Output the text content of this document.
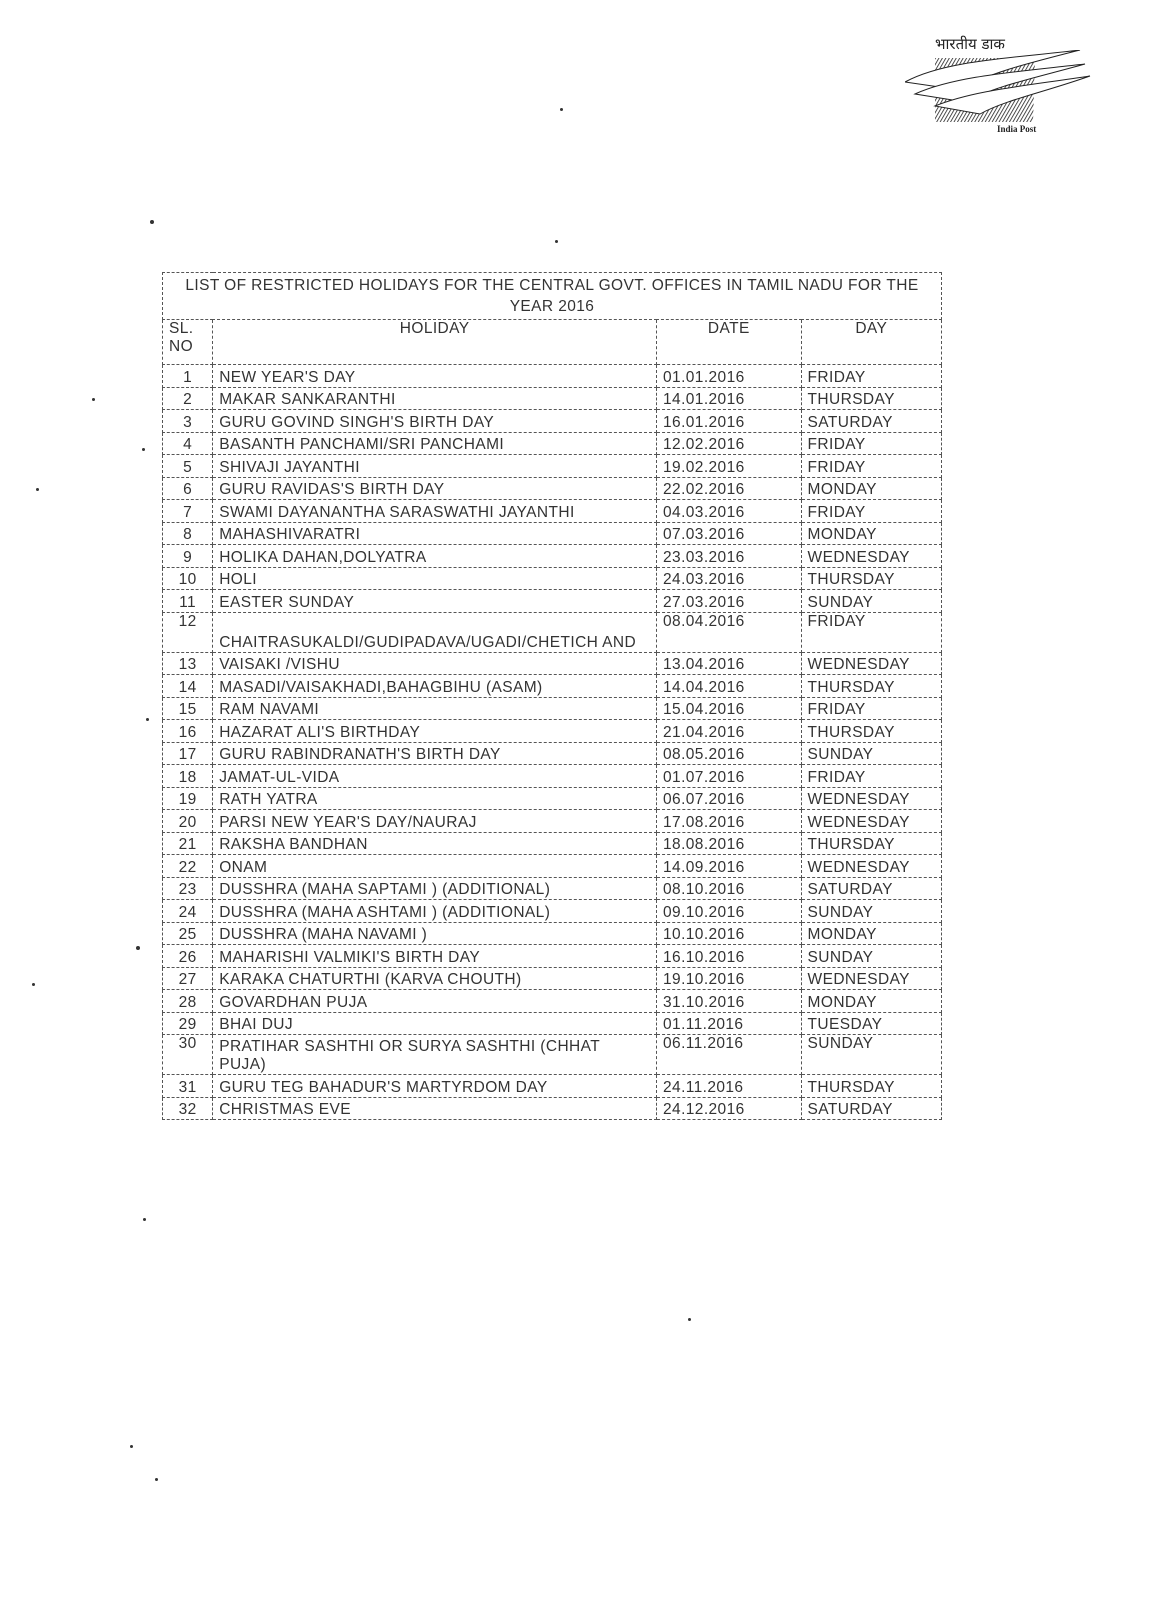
भारतीय डाक
India Post
LIST OF RESTRICTED HOLIDAYS FOR THE CENTRAL GOVT. OFFICES IN TAMIL NADU FOR THE YEAR 2016			
SL. NO	HOLIDAY	DATE	DAY
1	NEW YEAR'S DAY	01.01.2016	FRIDAY
2	MAKAR SANKARANTHI	14.01.2016	THURSDAY
3	GURU GOVIND SINGH'S BIRTH DAY	16.01.2016	SATURDAY
4	BASANTH PANCHAMI/SRI PANCHAMI	12.02.2016	FRIDAY
5	SHIVAJI JAYANTHI	19.02.2016	FRIDAY
6	GURU RAVIDAS'S BIRTH DAY	22.02.2016	MONDAY
7	SWAMI DAYANANTHA SARASWATHI JAYANTHI	04.03.2016	FRIDAY
8	MAHASHIVARATRI	07.03.2016	MONDAY
9	HOLIKA DAHAN,DOLYATRA	23.03.2016	WEDNESDAY
10	HOLI	24.03.2016	THURSDAY
11	EASTER SUNDAY	27.03.2016	SUNDAY
12	CHAITRASUKALDI/GUDIPADAVA/UGADI/CHETICH AND	08.04.2016	FRIDAY
13	VAISAKI /VISHU	13.04.2016	WEDNESDAY
14	MASADI/VAISAKHADI,BAHAGBIHU (ASAM)	14.04.2016	THURSDAY
15	RAM NAVAMI	15.04.2016	FRIDAY
16	HAZARAT ALI'S BIRTHDAY	21.04.2016	THURSDAY
17	GURU RABINDRANATH'S BIRTH DAY	08.05.2016	SUNDAY
18	JAMAT-UL-VIDA	01.07.2016	FRIDAY
19	RATH YATRA	06.07.2016	WEDNESDAY
20	PARSI NEW YEAR'S DAY/NAURAJ	17.08.2016	WEDNESDAY
21	RAKSHA BANDHAN	18.08.2016	THURSDAY
22	ONAM	14.09.2016	WEDNESDAY
23	DUSSHRA (MAHA SAPTAMI ) (ADDITIONAL)	08.10.2016	SATURDAY
24	DUSSHRA (MAHA ASHTAMI ) (ADDITIONAL)	09.10.2016	SUNDAY
25	DUSSHRA (MAHA NAVAMI )	10.10.2016	MONDAY
26	MAHARISHI VALMIKI'S BIRTH DAY	16.10.2016	SUNDAY
27	KARAKA CHATURTHI (KARVA CHOUTH)	19.10.2016	WEDNESDAY
28	GOVARDHAN PUJA	31.10.2016	MONDAY
29	BHAI DUJ	01.11.2016	TUESDAY
30	PRATIHAR SASHTHI OR SURYA SASHTHI (CHHAT PUJA)	06.11.2016	SUNDAY
31	GURU TEG BAHADUR'S MARTYRDOM DAY	24.11.2016	THURSDAY
32	CHRISTMAS EVE	24.12.2016	SATURDAY
